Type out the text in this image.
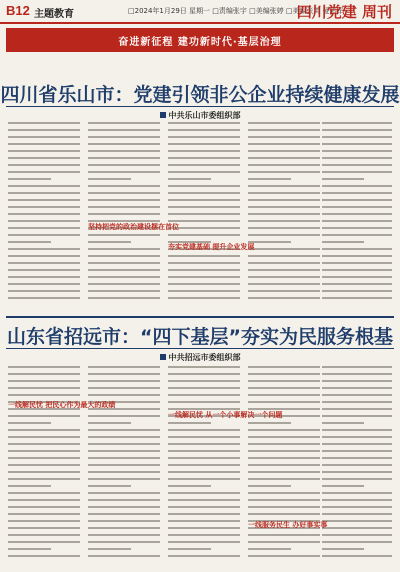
B12 主题教育	□2024年1月29日 星期一 □责编张宇 □美编张婷 □美编张英 爱彩军
四川党建 周刊
奋进新征程 建功新时代·基层治理
四川省乐山市：党建引领非公企业持续健康发展
中共乐山市委组织部
坚持把党的政治建设摆在首位
夯实党建基础 提升企业发展
山东省招远市：“四下基层”夯实为民服务根基
中共招远市委组织部
一线解民忧 把民心作为最大的政绩
一线解民忧 从一个小事解决一个问题
一线服务民生 办好事实事
